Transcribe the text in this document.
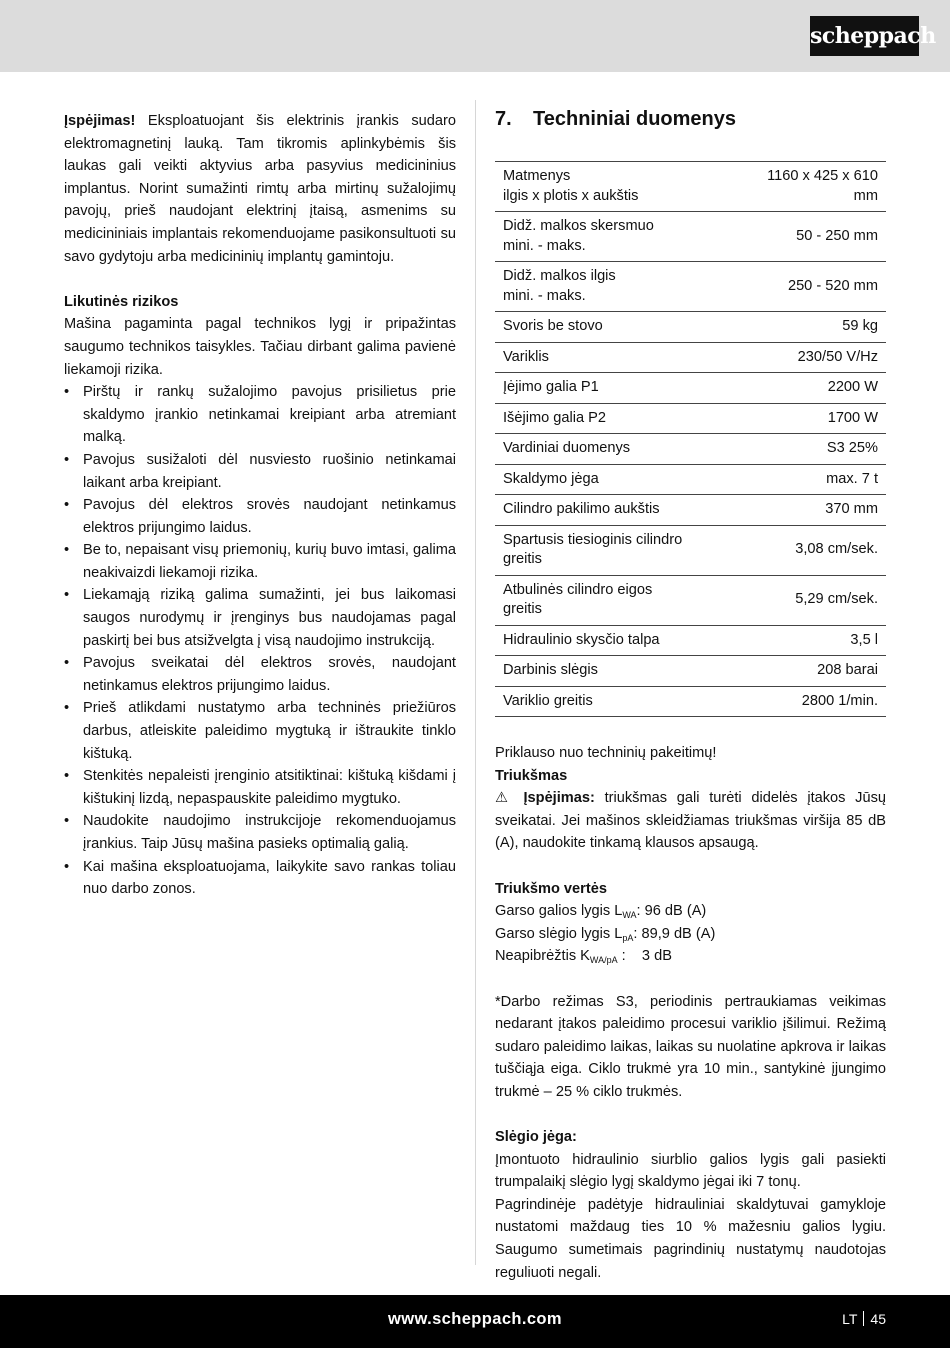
scheppach

Įspėjimas! Eksploatuojant šis elektrinis įrankis sudaro elektromagnetinį lauką. Tam tikromis aplinkybėmis šis laukas gali veikti aktyvius arba pasyvius medicininius implantus. Norint sumažinti rimtų arba mirtinų sužalojimų pavojų, prieš naudojant elektrinį įtaisą, asmenims su medicininiais implantais rekomenduojame pasikonsultuoti su savo gydytoju arba medicininių implantų gamintoju.

Likutinės rizikos

Mašina pagaminta pagal technikos lygį ir pripažintas saugumo technikos taisykles. Tačiau dirbant galima pavienė liekamoji rizika.

• Pirštų ir rankų sužalojimo pavojus prisilietus prie skaldymo įrankio netinkamai kreipiant arba atremiant malką.
• Pavojus susižaloti dėl nusviesto ruošinio netinkamai laikant arba kreipiant.
• Pavojus dėl elektros srovės naudojant netinkamus elektros prijungimo laidus.
• Be to, nepaisant visų priemonių, kurių buvo imtasi, galima neakivaizdi liekamoji rizika.
• Liekamąją riziką galima sumažinti, jei bus laikomasi saugos nurodymų ir įrenginys bus naudojamas pagal paskirtį bei bus atsižvelgta į visą naudojimo instrukciją.
• Pavojus sveikatai dėl elektros srovės, naudojant netinkamus elektros prijungimo laidus.
• Prieš atlikdami nustatymo arba techninės priežiūros darbus, atleiskite paleidimo mygtuką ir ištraukite tinklo kištuką.
• Stenkitės nepaleisti įrenginio atsitiktinai: kištuką kišdami į kištukinį lizdą, nepaspauskite paleidimo mygtuko.
• Naudokite naudojimo instrukcijoje rekomenduojamus įrankius. Taip Jūsų mašina pasieks optimalią galią.
• Kai mašina eksploatuojama, laikykite savo rankas toliau nuo darbo zonos.
7. Techniniai duomenys
Matmenys
ilgis x plotis x aukštis	1160 x 425 x 610
mm
Didž. malkos skersmuo
mini. - maks.	50 - 250 mm
Didž. malkos ilgis
mini. - maks.	250 - 520 mm
Svoris be stovo	59 kg
Variklis	230/50 V/Hz
Įėjimo galia P1	2200 W
Išėjimo galia P2	1700 W
Vardiniai duomenys	S3 25%
Skaldymo jėga	max. 7 t
Cilindro pakilimo aukštis	370 mm
Spartusis tiesioginis cilindro
greitis	3,08 cm/sek.
Atbulinės cilindro eigos
greitis	5,29 cm/sek.
Hidraulinio skysčio talpa	3,5 l
Darbinis slėgis	208 barai
Variklio greitis	2800 1/min.

Priklauso nuo techninių pakeitimų!

Triukšmas

⚠ Įspėjimas: triukšmas gali turėti didelės įtakos Jūsų sveikatai. Jei mašinos skleidžiamas triukšmas viršija 85 dB (A), naudokite tinkamą klausos apsaugą.

Triukšmo vertės

Garso galios lygis $L_{WA}$: 96 dB (A)

Garso slėgio lygis $L_{pA}$: 89,9 dB (A)

Neapibrėžtis $K_{WA/pA}$ :    3 dB

*Darbo režimas S3, periodinis pertraukiamas veikimas nedarant įtakos paleidimo procesui variklio įšilimui. Režimą sudaro paleidimo laikas, laikas su nuolatine apkrova ir laikas tuščiąja eiga. Ciklo trukmė yra 10 min., santykinė įjungimo trukmė – 25 % ciklo trukmės.

Slėgio jėga:

Įmontuoto hidraulinio siurblio galios lygis gali pasiekti trumpalaikį slėgio lygį skaldymo jėgai iki 7 tonų.

Pagrindinėje padėtyje hidrauliniai skaldytuvai gamykloje nustatomi maždaug ties 10 % mažesniu galios lygiu. Saugumo sumetimais pagrindinių nustatymų naudotojas reguliuoti negali.

www.scheppach.com	LT 45
